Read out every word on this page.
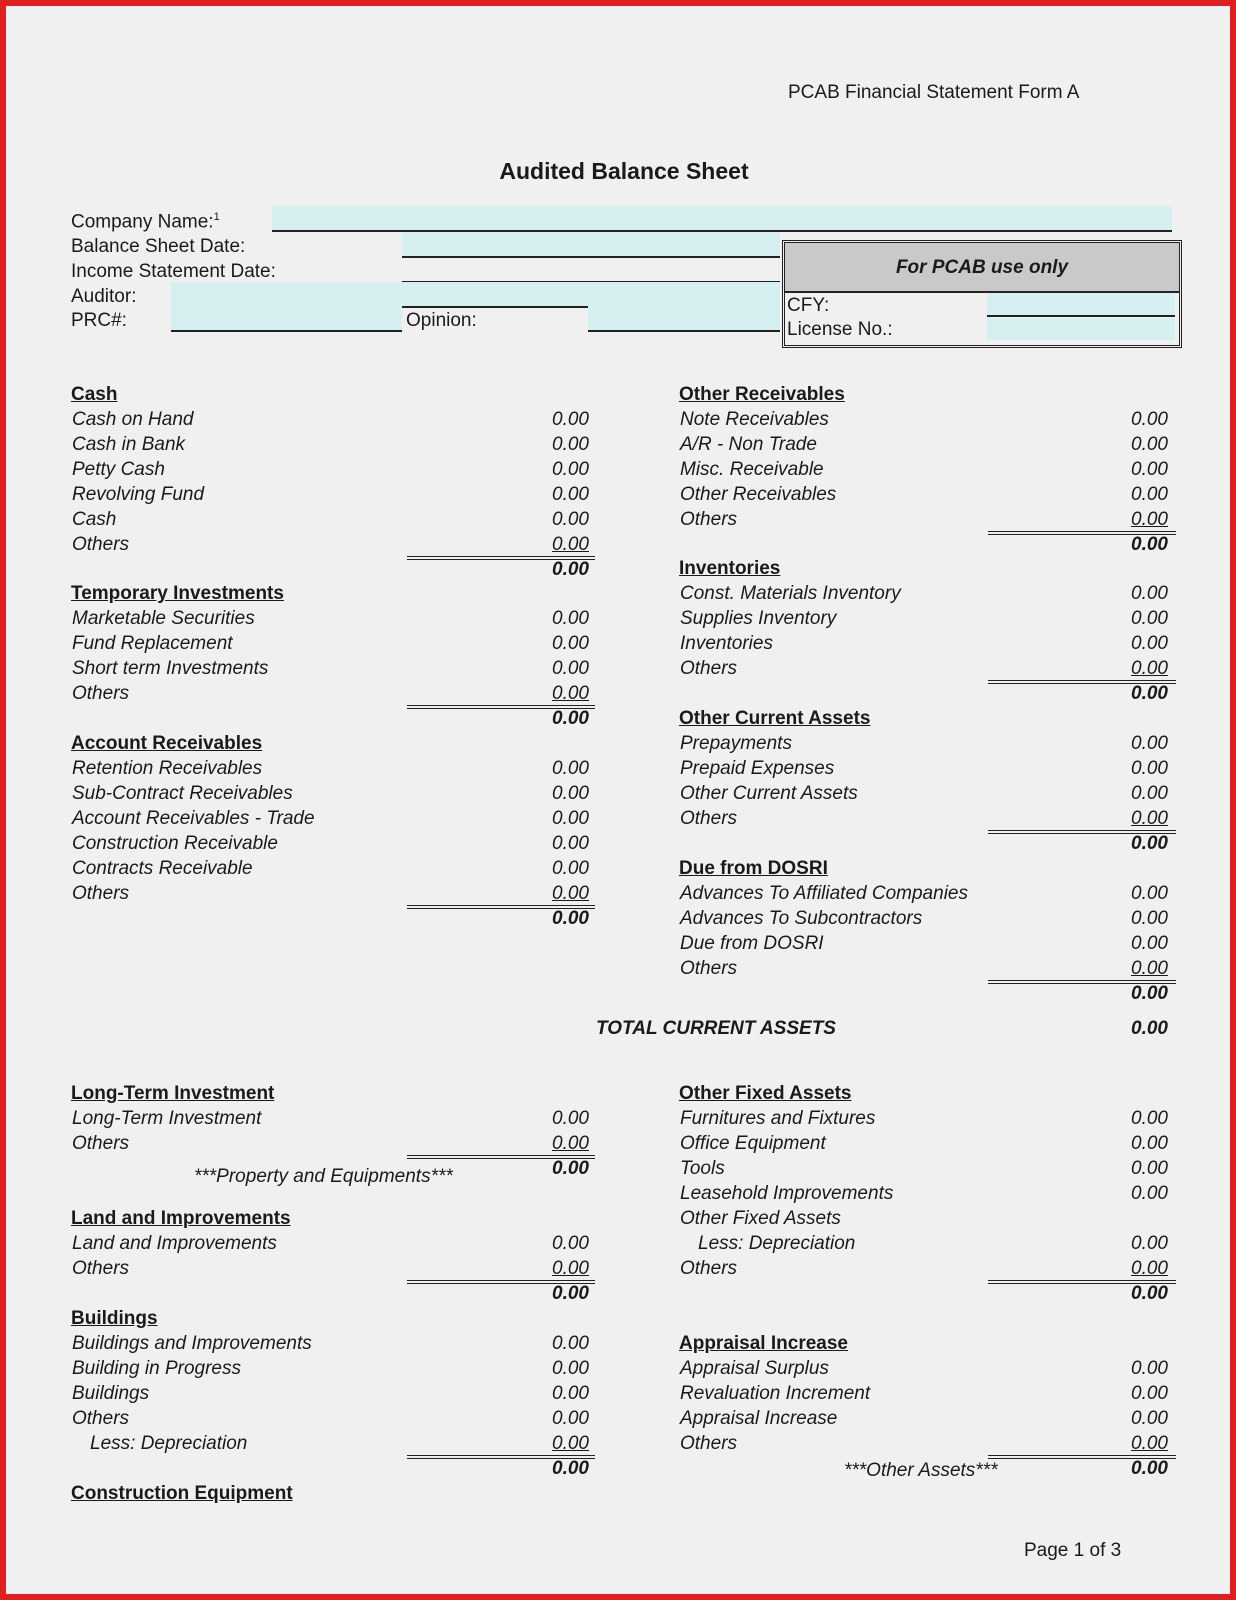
PCAB Financial Statement Form A
Audited Balance Sheet
Company Name:$^1$
Balance Sheet Date:
Income Statement Date:
Auditor:
PRC#:	Opinion:
For PCAB use only
CFY:
License No.:
Cash
Cash on Hand	0.00
Cash in Bank	0.00
Petty Cash	0.00
Revolving Fund	0.00
Cash	0.00
Others	0.00
0.00
Temporary Investments
Marketable Securities	0.00
Fund Replacement	0.00
Short term Investments	0.00
Others	0.00
0.00
Account Receivables
Retention Receivables	0.00
Sub-Contract Receivables	0.00
Account Receivables - Trade	0.00
Construction Receivable	0.00
Contracts Receivable	0.00
Others	0.00
0.00
Long-Term Investment
Long-Term Investment	0.00
Others	0.00
0.00
Land and Improvements
Land and Improvements	0.00
Others	0.00
0.00
Buildings
Buildings and Improvements	0.00
Building in Progress	0.00
Buildings	0.00
Others	0.00
Less: Depreciation	0.00
0.00
Construction Equipment
Other Receivables
Note Receivables	0.00
A/R - Non Trade	0.00
Misc. Receivable	0.00
Other Receivables	0.00
Others	0.00
0.00
Inventories
Const. Materials Inventory	0.00
Supplies Inventory	0.00
Inventories	0.00
Others	0.00
0.00
Other Current Assets
Prepayments	0.00
Prepaid Expenses	0.00
Other Current Assets	0.00
Others	0.00
0.00
Due from DOSRI
Advances To Affiliated Companies	0.00
Advances To Subcontractors	0.00
Due from DOSRI	0.00
Others	0.00
0.00
Other Fixed Assets
Furnitures and Fixtures	0.00
Office Equipment	0.00
Tools	0.00
Leasehold Improvements	0.00
Other Fixed Assets
Less: Depreciation	0.00
Others	0.00
0.00
Appraisal Increase
Appraisal Surplus	0.00
Revaluation Increment	0.00
Appraisal Increase	0.00
Others	0.00
0.00
***Property and Equipments***
TOTAL CURRENT ASSETS	0.00
***Other Assets***
Page 1 of 3
